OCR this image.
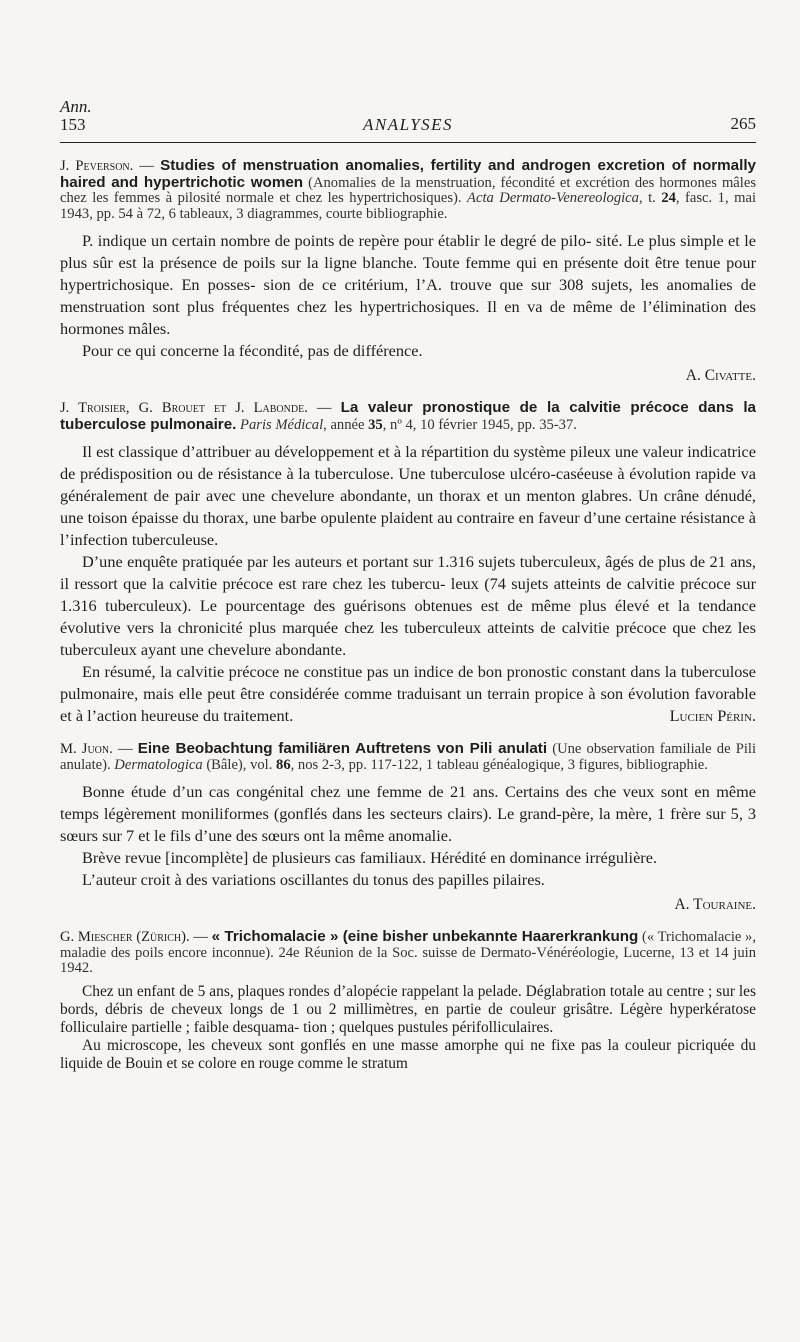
Ann.
153	ANALYSES	265

J. Peverson. — Studies of menstruation anomalies, fertility and androgen excretion of normally haired and hypertrichotic women (Anomalies de la menstruation, fécondité et excrétion des hormones mâles chez les femmes à pilosité normale et chez les hypertrichosiques). Acta Dermato-Venereologica, t. 24, fasc. 1, mai 1943, pp. 54 à 72, 6 tableaux, 3 diagrammes, courte bibliographie.

P. indique un certain nombre de points de repère pour établir le degré de pilo- sité. Le plus simple et le plus sûr est la présence de poils sur la ligne blanche. Toute femme qui en présente doit être tenue pour hypertrichosique. En posses- sion de ce critérium, l’A. trouve que sur 308 sujets, les anomalies de menstruation sont plus fréquentes chez les hypertrichosiques. Il en va de même de l’élimination des hormones mâles.

Pour ce qui concerne la fécondité, pas de différence.

A. Civatte.

J. Troisier, G. Brouet et J. Labonde. — La valeur pronostique de la calvitie précoce dans la tuberculose pulmonaire. Paris Médical, année 35, nº 4, 10 février 1945, pp. 35-37.

Il est classique d’attribuer au développement et à la répartition du système pileux une valeur indicatrice de prédisposition ou de résistance à la tuberculose. Une tuberculose ulcéro-caséeuse à évolution rapide va généralement de pair avec une chevelure abondante, un thorax et un menton glabres. Un crâne dénudé, une toison épaisse du thorax, une barbe opulente plaident au contraire en faveur d’une certaine résistance à l’infection tuberculeuse.

D’une enquête pratiquée par les auteurs et portant sur 1.316 sujets tuberculeux, âgés de plus de 21 ans, il ressort que la calvitie précoce est rare chez les tubercu- leux (74 sujets atteints de calvitie précoce sur 1.316 tuberculeux). Le pourcentage des guérisons obtenues est de même plus élevé et la tendance évolutive vers la chronicité plus marquée chez les tuberculeux atteints de calvitie précoce que chez les tuberculeux ayant une chevelure abondante.

En résumé, la calvitie précoce ne constitue pas un indice de bon pronostic constant dans la tuberculose pulmonaire, mais elle peut être considérée comme traduisant un terrain propice à son évolution favorable et à l’action heureuse du traitement.	Lucien Périn.

M. Juon. — Eine Beobachtung familiären Auftretens von Pili anulati (Une observation familiale de Pili anulate). Dermatologica (Bâle), vol. 86, nos 2-3, pp. 117-122, 1 tableau généalogique, 3 figures, bibliographie.

Bonne étude d’un cas congénital chez une femme de 21 ans. Certains des che veux sont en même temps légèrement moniliformes (gonflés dans les secteurs clairs). Le grand-père, la mère, 1 frère sur 5, 3 sœurs sur 7 et le fils d’une des sœurs ont la même anomalie.

Brève revue [incomplète] de plusieurs cas familiaux. Hérédité en dominance irrégulière.

L’auteur croit à des variations oscillantes du tonus des papilles pilaires.

A. Touraine.

G. Miescher (Zürich). — « Trichomalacie » (eine bisher unbekannte Haarerkrankung (« Trichomalacie », maladie des poils encore inconnue). 24e Réunion de la Soc. suisse de Dermato-Vénéréologie, Lucerne, 13 et 14 juin 1942.

Chez un enfant de 5 ans, plaques rondes d’alopécie rappelant la pelade. Déglabration totale au centre ; sur les bords, débris de cheveux longs de 1 ou 2 millimètres, en partie de couleur grisâtre. Légère hyperkératose folliculaire partielle ; faible desquama- tion ; quelques pustules périfolliculaires.

Au microscope, les cheveux sont gonflés en une masse amorphe qui ne fixe pas la couleur picriquée du liquide de Bouin et se colore en rouge comme le stratum
